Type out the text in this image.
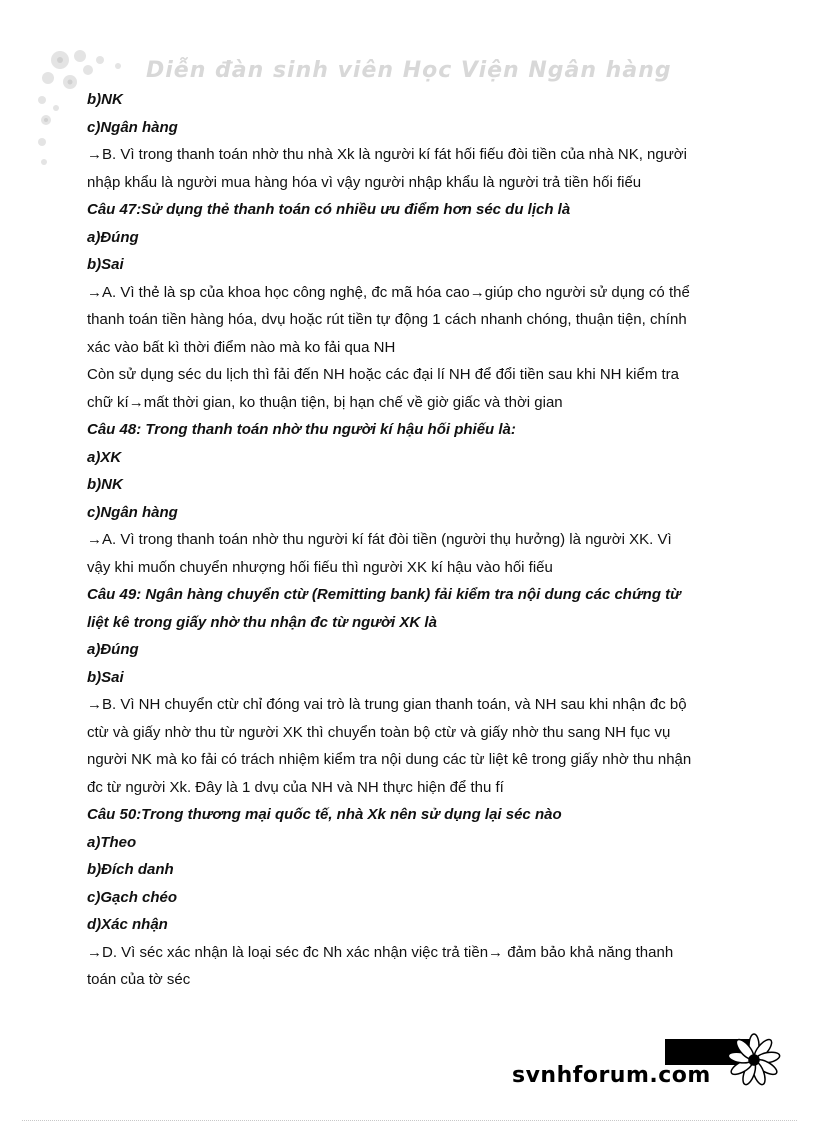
Diễn đàn sinh viên Học Viện Ngân hàng

b)NK

c)Ngân hàng

→B. Vì trong thanh toán nhờ thu nhà Xk là người kí fát hối fiếu đòi tiền của nhà NK, người

nhập khẩu là người mua hàng hóa vì vậy người nhập khẩu là người trả tiền hối fiếu

Câu 47:Sử dụng thẻ thanh toán có nhiều ưu điểm hơn séc du lịch là

a)Đúng

b)Sai

→A. Vì thẻ là sp của khoa học công nghệ, đc mã hóa cao→giúp cho người sử dụng có thể

thanh toán tiền hàng hóa, dvụ hoặc rút tiền tự động 1 cách nhanh chóng, thuận tiện, chính

xác vào bất kì thời điểm nào mà ko fải qua NH

Còn sử dụng séc du lịch thì fải đến NH hoặc các đại lí NH để đổi tiền sau khi NH kiểm tra

chữ kí→mất thời gian, ko thuận tiện, bị hạn chế về giờ giấc và thời gian

Câu 48: Trong thanh toán nhờ thu người kí hậu hối phiếu là:

a)XK

b)NK

c)Ngân hàng

→A. Vì trong thanh toán nhờ thu người kí fát đòi tiền (người thụ hưởng) là người XK. Vì

vậy khi muốn chuyển nhượng hối fiếu thì người XK kí hậu vào hối fiếu

Câu 49: Ngân hàng chuyển ctừ (Remitting bank) fải kiểm tra nội dung các chứng từ

liệt kê trong giấy nhờ thu nhận đc từ người XK là

a)Đúng

b)Sai

→B. Vì NH chuyển ctừ chỉ đóng vai trò là trung gian thanh toán, và NH sau khi nhận đc bộ

ctừ và giấy nhờ thu từ người XK thì chuyển toàn bộ ctừ và giấy nhờ thu sang NH fục vụ

người NK mà ko fải có trách nhiệm kiểm tra nội dung các từ liệt kê trong giấy nhờ thu nhận

đc từ người Xk. Đây là 1 dvụ của NH và NH thực hiện để thu fí

Câu 50:Trong thương mại quốc tế, nhà Xk nên sử dụng lại séc nào

a)Theo

b)Đích danh

c)Gạch chéo

d)Xác nhận

→D. Vì séc xác nhận là loại séc đc Nh xác nhận việc trả tiền→ đảm bảo khả năng thanh

toán của tờ séc

svnhforum.com
